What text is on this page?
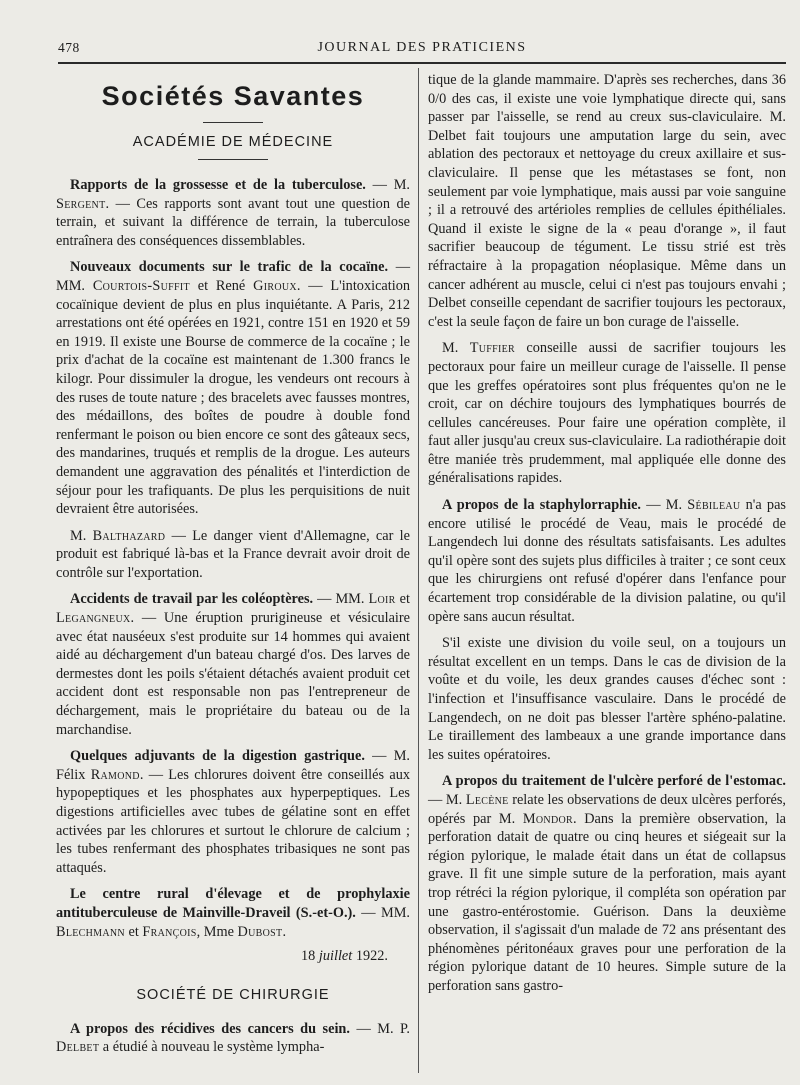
478	JOURNAL DES PRATICIENS
Sociétés Savantes
ACADÉMIE DE MÉDECINE

Rapports de la grossesse et de la tuberculose. — M. Sergent. — Ces rapports sont avant tout une question de terrain, et suivant la différence de terrain, la tuberculose entraînera des conséquences dissemblables.

Nouveaux documents sur le trafic de la cocaïne. — MM. Courtois-Suffit et René Giroux. — L'intoxication cocaïnique devient de plus en plus inquiétante. A Paris, 212 arrestations ont été opérées en 1921, contre 151 en 1920 et 59 en 1919. Il existe une Bourse de commerce de la cocaïne ; le prix d'achat de la cocaïne est maintenant de 1.300 francs le kilogr. Pour dissimuler la drogue, les vendeurs ont recours à des ruses de toute nature ; des bracelets avec fausses montres, des médaillons, des boîtes de poudre à double fond renfermant le poison ou bien encore ce sont des gâteaux secs, des mandarines, truqués et remplis de la drogue. Les auteurs demandent une aggravation des pénalités et l'interdiction de séjour pour les trafiquants. De plus les perquisitions de nuit devraient être autorisées.

M. Balthazard — Le danger vient d'Allemagne, car le produit est fabriqué là-bas et la France devrait avoir droit de contrôle sur l'exportation.

Accidents de travail par les coléoptères. — MM. Loir et Legangneux. — Une éruption prurigineuse et vésiculaire avec état nauséeux s'est produite sur 14 hommes qui avaient aidé au déchargement d'un bateau chargé d'os. Des larves de dermestes dont les poils s'étaient détachés avaient produit cet accident dont est responsable non pas l'entrepreneur de déchargement, mais le propriétaire du bateau ou de la marchandise.

Quelques adjuvants de la digestion gastrique. — M. Félix Ramond. — Les chlorures doivent être conseillés aux hypopeptiques et les phosphates aux hyperpeptiques. Les digestions artificielles avec tubes de gélatine sont en effet activées par les chlorures et surtout le chlorure de calcium ; les tubes renfermant des phosphates tribasiques ne sont pas attaqués.

Le centre rural d'élevage et de prophylaxie antituberculeuse de Mainville-Draveil (S.-et-O.). — MM. Blechmann et François, Mme Dubost.

18 juillet 1922.
SOCIÉTÉ DE CHIRURGIE

A propos des récidives des cancers du sein. — M. P. Delbet a étudié à nouveau le système lympha-

tique de la glande mammaire. D'après ses recherches, dans 36 0/0 des cas, il existe une voie lymphatique directe qui, sans passer par l'aisselle, se rend au creux sus-claviculaire. M. Delbet fait toujours une amputation large du sein, avec ablation des pectoraux et nettoyage du creux axillaire et sus-claviculaire. Il pense que les métastases se font, non seulement par voie lymphatique, mais aussi par voie sanguine ; il a retrouvé des artérioles remplies de cellules épithéliales. Quand il existe le signe de la « peau d'orange », il faut sacrifier beaucoup de tégument. Le tissu strié est très réfractaire à la propagation néoplasique. Même dans un cancer adhérent au muscle, celui ci n'est pas toujours envahi ; Delbet conseille cependant de sacrifier toujours les pectoraux, c'est la seule façon de faire un bon curage de l'aisselle.

M. Tuffier conseille aussi de sacrifier toujours les pectoraux pour faire un meilleur curage de l'aisselle. Il pense que les greffes opératoires sont plus fréquentes qu'on ne le croit, car on déchire toujours des lymphatiques bourrés de cellules cancéreuses. Pour faire une opération complète, il faut aller jusqu'au creux sus-claviculaire. La radiothérapie doit être maniée très prudemment, mal appliquée elle donne des généralisations rapides.

A propos de la staphylorraphie. — M. Sébileau n'a pas encore utilisé le procédé de Veau, mais le procédé de Langendech lui donne des résultats satisfaisants. Les adultes qu'il opère sont des sujets plus difficiles à traiter ; ce sont ceux que les chirurgiens ont refusé d'opérer dans l'enfance pour écartement trop considérable de la division palatine, ou qu'il opère sans aucun résultat.

S'il existe une division du voile seul, on a toujours un résultat excellent en un temps. Dans le cas de division de la voûte et du voile, les deux grandes causes d'échec sont : l'infection et l'insuffisance vasculaire. Dans le procédé de Langendech, on ne doit pas blesser l'artère sphéno-palatine. Le tiraillement des lambeaux a une grande importance dans les suites opératoires.

A propos du traitement de l'ulcère perforé de l'estomac. — M. Lecène relate les observations de deux ulcères perforés, opérés par M. Mondor. Dans la première observation, la perforation datait de quatre ou cinq heures et siégeait sur la région pylorique, le malade était dans un état de collapsus grave. Il fit une simple suture de la perforation, mais ayant trop rétréci la région pylorique, il compléta son opération par une gastro-entérostomie. Guérison. Dans la deuxième observation, il s'agissait d'un malade de 72 ans présentant des phénomènes péritonéaux graves pour une perforation de la région pylorique datant de 10 heures. Simple suture de la perforation sans gastro-
